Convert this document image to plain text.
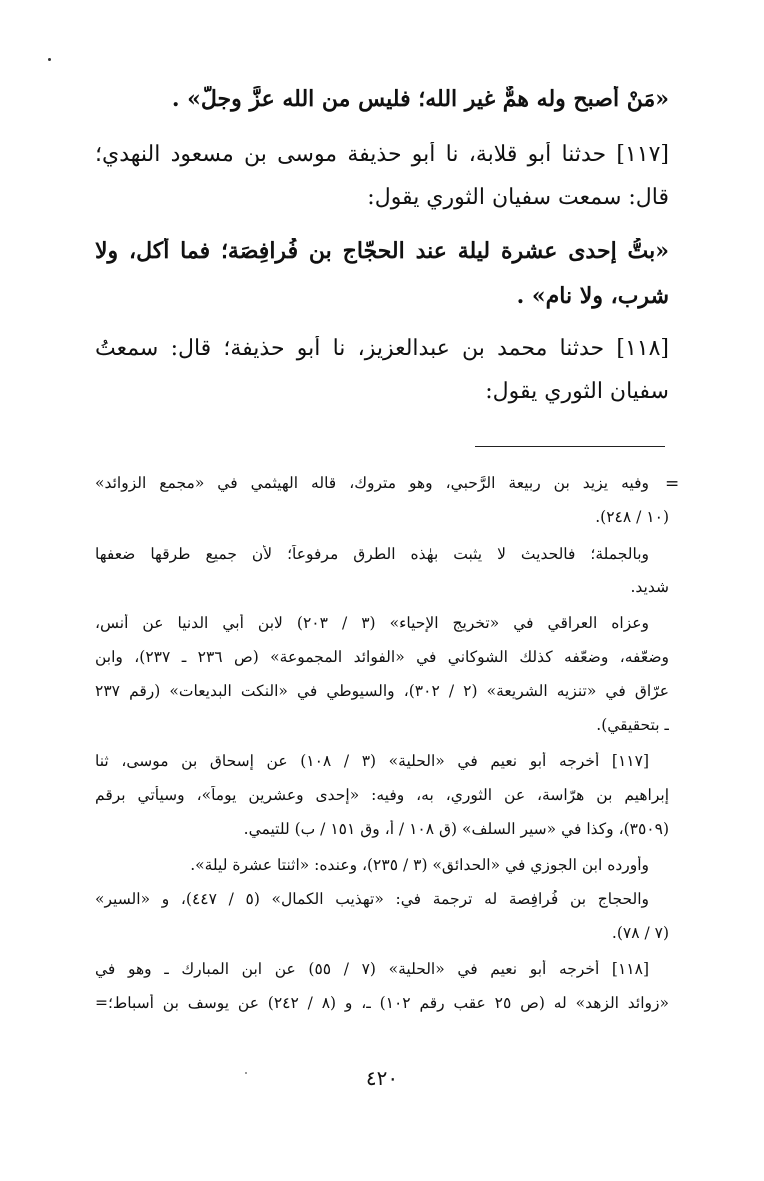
«مَنْ أصبح وله همٌّ غير الله؛ فليس من الله عزَّ وجلَّ» .
[١١٧] حدثنا أبو قلابة، نا أبو حذيفة موسى بن مسعود النهدي؛
قال: سمعت سفيان الثوري يقول:
«بتُّ إحدى عشرة ليلة عند الحجّاج بن فُرافِصَة؛ فما أكل، ولا
شرب، ولا نام» .
[١١٨] حدثنا محمد بن عبدالعزيز، نا أبو حذيفة؛ قال: سمعتُ
سفيان الثوري يقول:
=
وفيه يزيد بن ربيعة الرَّحبي، وهو متروك، قاله الهيثمي في «مجمع الزوائد»
(١٠ / ٢٤٨).
وبالجملة؛ فالحديث لا يثبت بهٰذه الطرق مرفوعاً؛ لأن جميع طرقها ضعفها
شديد.
وعزاه العراقي في «تخريج الإحياء» (٣ / ٢٠٣) لابن أبي الدنيا عن أنس،
وضعّفه، وضعّفه كذلك الشوكاني في «الفوائد المجموعة» (ص ٢٣٦ ـ ٢٣٧)، وابن
عرّاق في «تنزيه الشريعة» (٢ / ٣٠٢)، والسيوطي في «النكت البديعات» (رقم ٢٣٧
ـ بتحقيقي).
[١١٧] أخرجه أبو نعيم في «الحلية» (٣ / ١٠٨) عن إسحاق بن موسى، ثنا
إبراهيم بن هرّاسة، عن الثوري، به، وفيه: «إحدى وعشرين يوماً»، وسيأتي برقم
(٣٥٠٩)، وكذا في «سير السلف» (ق ١٠٨ / أ، وق ١٥١ / ب) للتيمي.
وأورده ابن الجوزي في «الحدائق» (٣ / ٢٣٥)، وعنده: «اثنتا عشرة ليلة».
والحجاج بن فُرافِصة له ترجمة في: «تهذيب الكمال» (٥ / ٤٤٧)، و «السير»
(٧ / ٧٨).
[١١٨] أخرجه أبو نعيم في «الحلية» (٧ / ٥٥) عن ابن المبارك ـ وهو في
«زوائد الزهد» له (ص ٢٥ عقب رقم ١٠٢) ـ، و (٨ / ٢٤٢) عن يوسف بن أسباط؛=
٤٢٠
